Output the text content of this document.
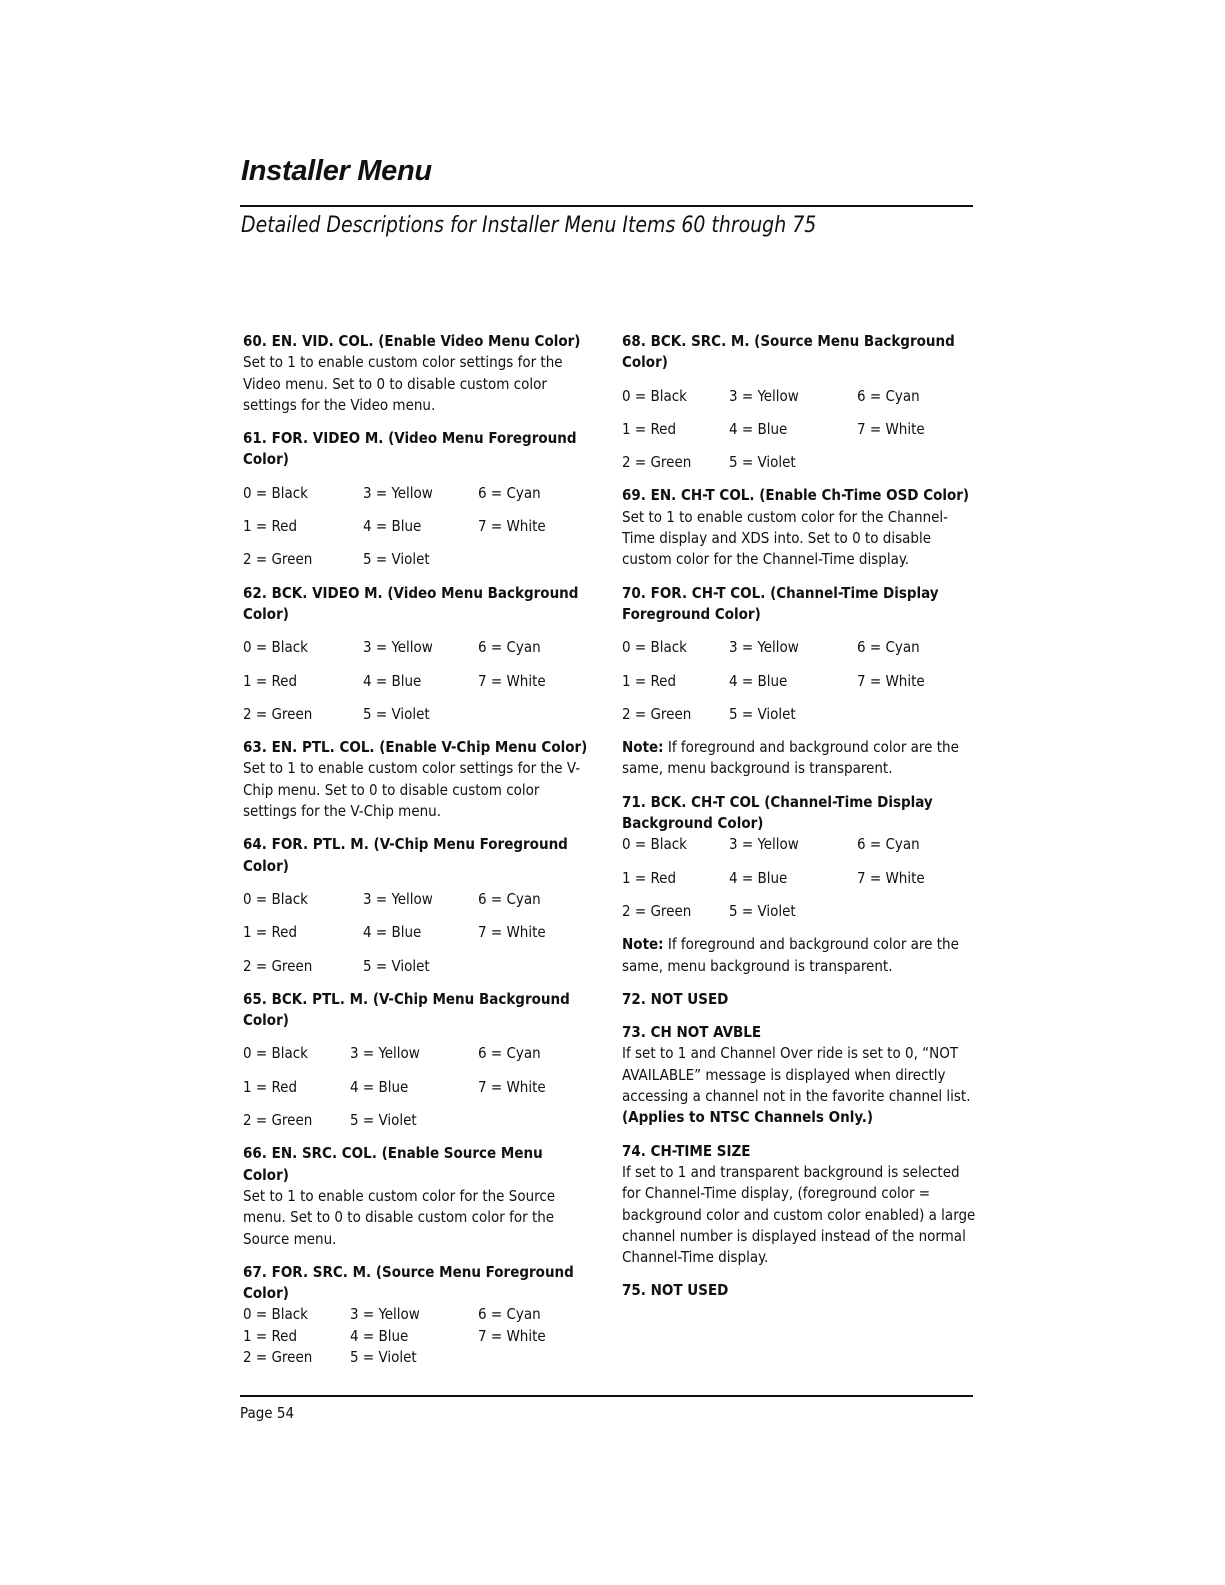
Installer Menu
Detailed Descriptions for Installer Menu Items 60 through 75

60. EN. VID. COL. (Enable Video Menu Color)

Set to 1 to enable custom color settings for the Video menu. Set to 0 to disable custom color settings for the Video menu.

61. FOR. VIDEO M. (Video Menu Foreground Color)

0 = Black	3 = Yellow	6 = Cyan
1 = Red	4 = Blue	7 = White
2 = Green	5 = Violet

62. BCK. VIDEO M. (Video Menu Background Color)

0 = Black	3 = Yellow	6 = Cyan
1 = Red	4 = Blue	7 = White
2 = Green	5 = Violet

63. EN. PTL. COL. (Enable V-Chip Menu Color)

Set to 1 to enable custom color settings for the V-Chip menu. Set to 0 to disable custom color settings for the V-Chip menu.

64. FOR. PTL. M. (V-Chip Menu Foreground Color)

0 = Black	3 = Yellow	6 = Cyan
1 = Red	4 = Blue	7 = White
2 = Green	5 = Violet

65. BCK. PTL. M. (V-Chip Menu Background Color)

0 = Black	3 = Yellow	6 = Cyan
1 = Red	4 = Blue	7 = White
2 = Green	5 = Violet

66. EN. SRC. COL. (Enable Source Menu Color)

Set to 1 to enable custom color for the Source menu. Set to 0 to disable custom color for the Source menu.

67. FOR. SRC. M. (Source Menu Foreground Color)

0 = Black	3 = Yellow	6 = Cyan
1 = Red	4 = Blue	7 = White
2 = Green	5 = Violet

68. BCK. SRC. M. (Source Menu Background Color)

0 = Black	3 = Yellow	6 = Cyan
1 = Red	4 = Blue	7 = White
2 = Green	5 = Violet

69. EN. CH-T COL. (Enable Ch-Time OSD Color)

Set to 1 to enable custom color for the Channel-Time display and XDS into. Set to 0 to disable custom color for the Channel-Time display.

70. FOR. CH-T COL. (Channel-Time Display Foreground Color)

0 = Black	3 = Yellow	6 = Cyan
1 = Red	4 = Blue	7 = White
2 = Green	5 = Violet

Note: If foreground and background color are the same, menu background is transparent.

71. BCK. CH-T COL (Channel-Time Display Background Color)

0 = Black	3 = Yellow	6 = Cyan
1 = Red	4 = Blue	7 = White
2 = Green	5 = Violet

Note: If foreground and background color are the same, menu background is transparent.

72. NOT USED

73. CH NOT AVBLE

If set to 1 and Channel Over ride is set to 0, “NOT AVAILABLE” message is displayed when directly accessing a channel not in the favorite channel list. (Applies to NTSC Channels Only.)

74. CH-TIME SIZE

If set to 1 and transparent background is selected for Channel-Time display, (foreground color = background color and custom color enabled) a large channel number is displayed instead of the normal Channel-Time display.

75. NOT USED

Page 54
